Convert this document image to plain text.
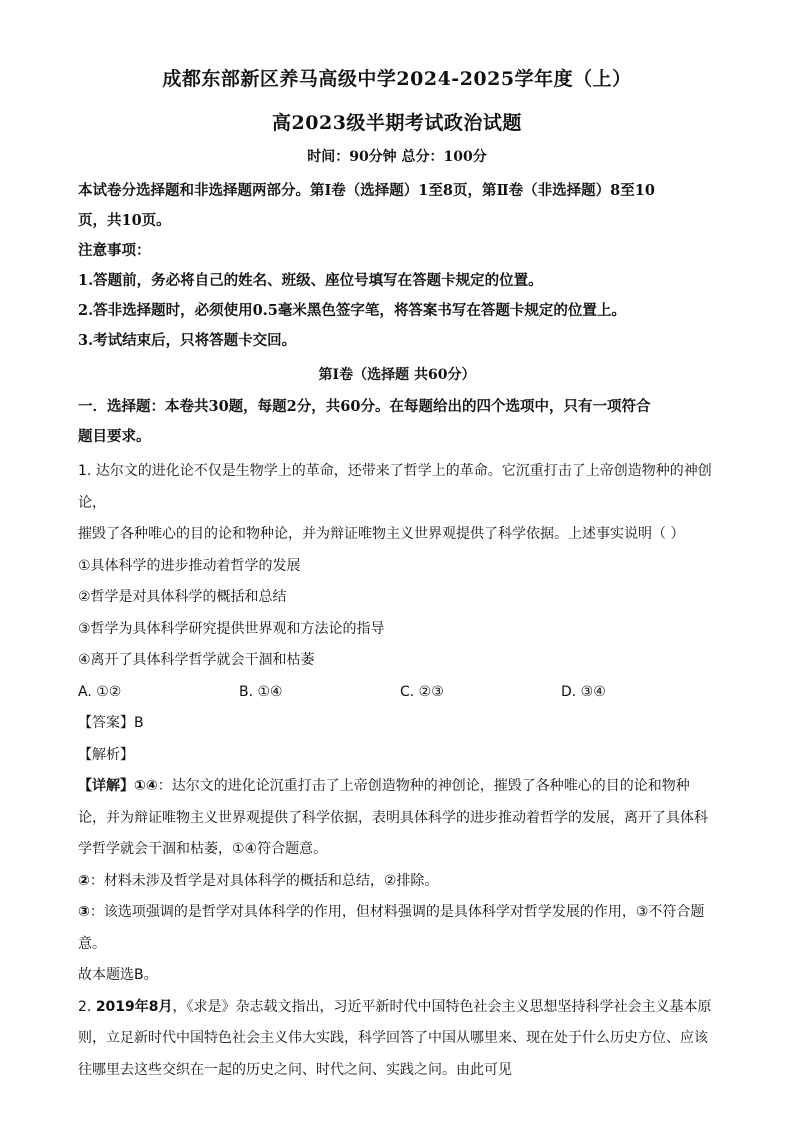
成都东部新区养马高级中学2024-2025学年度（上）
高2023级半期考试政治试题
时间：90分钟 总分：100分

本试卷分选择题和非选择题两部分。第Ⅰ卷（选择题）1至8页，第Ⅱ卷（非选择题）8至10

页，共10页。

注意事项：

1.答题前，务必将自己的姓名、班级、座位号填写在答题卡规定的位置。

2.答非选择题时，必须使用0.5毫米黑色签字笔，将答案书写在答题卡规定的位置上。

3.考试结束后，只将答题卡交回。

第Ⅰ卷（选择题 共60分）

一．选择题：本卷共30题，每题2分，共60分。在每题给出的四个选项中，只有一项符合

题目要求。

1. 达尔文的进化论不仅是生物学上的革命，还带来了哲学上的革命。它沉重打击了上帝创造物种的神创论，

摧毁了各种唯心的目的论和物种论，并为辩证唯物主义世界观提供了科学依据。上述事实说明（ ）

①具体科学的进步推动着哲学的发展

②哲学是对具体科学的概括和总结

③哲学为具体科学研究提供世界观和方法论的指导

④离开了具体科学哲学就会干涸和枯萎

A. ①②	B. ①④	C. ②③	D. ③④

【答案】B

【解析】

【详解】①④：达尔文的进化论沉重打击了上帝创造物种的神创论，摧毁了各种唯心的目的论和物种

论，并为辩证唯物主义世界观提供了科学依据，表明具体科学的进步推动着哲学的发展，离开了具体科

学哲学就会干涸和枯萎，①④符合题意。

②：材料未涉及哲学是对具体科学的概括和总结，②排除。

③：该选项强调的是哲学对具体科学的作用，但材料强调的是具体科学对哲学发展的作用，③不符合题

意。

故本题选B。

2. 2019年8月，《求是》杂志载文指出，习近平新时代中国特色社会主义思想坚持科学社会主义基本原

则，立足新时代中国特色社会主义伟大实践，科学回答了中国从哪里来、现在处于什么历史方位、应该

往哪里去这些交织在一起的历史之问、时代之问、实践之问。由此可见
